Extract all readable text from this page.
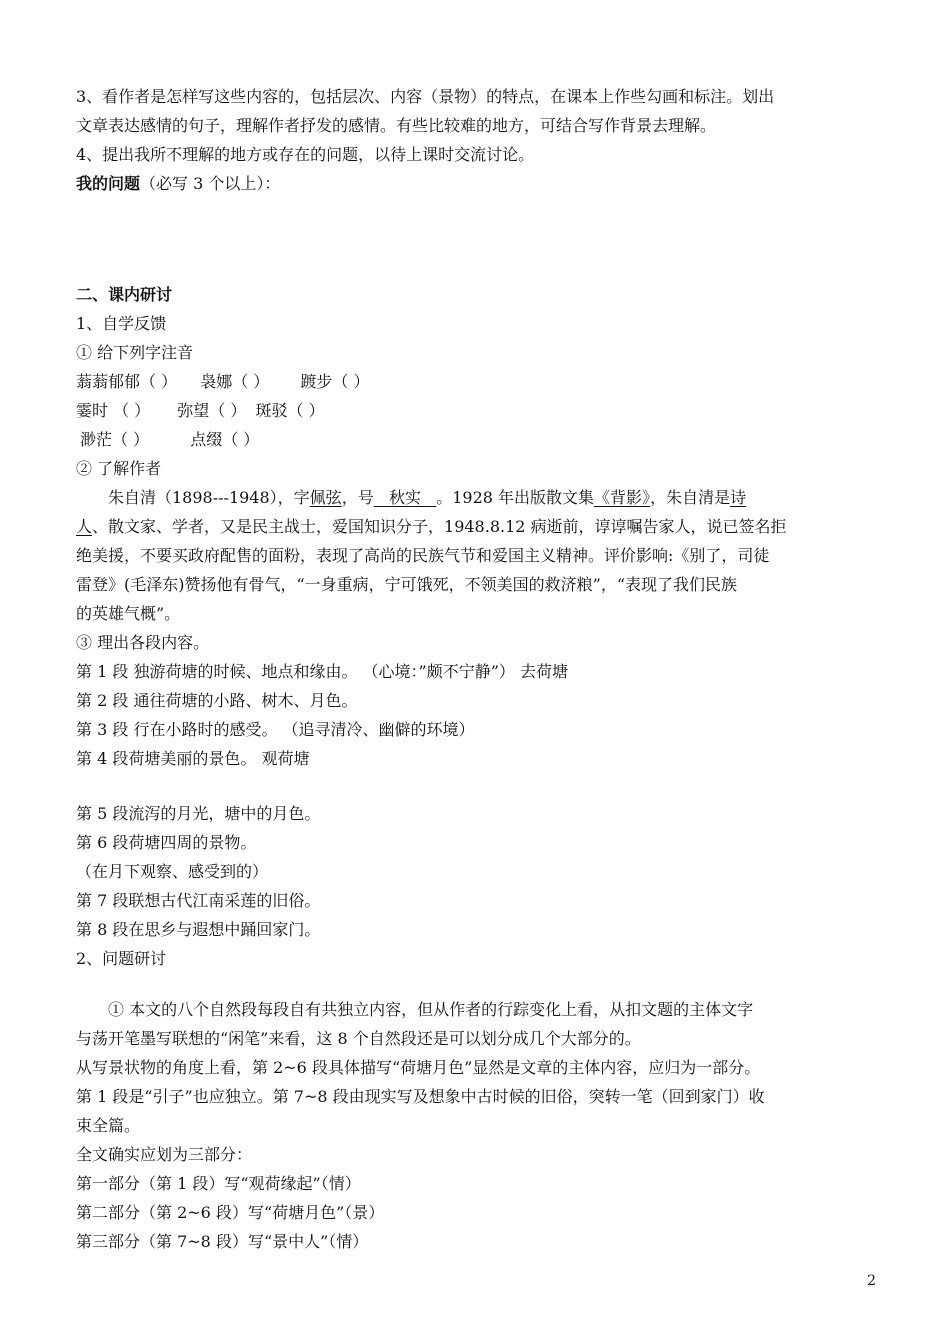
3、看作者是怎样写这些内容的，包括层次、内容（景物）的特点，在课本上作些勾画和标注。划出

文章表达感情的句子，理解作者抒发的感情。有些比较难的地方，可结合写作背景去理解。

4、提出我所不理解的地方或存在的问题，以待上课时交流讨论。

我的问题（必写 3 个以上）：

二、课内研讨

1、自学反馈

① 给下列字注音

蓊蓊郁郁（ ） 袅娜（ ） 踱步（ ）

霎时 （ ） 弥望（ ） 斑驳（ ）

渺茫（ ）	点缀（ ）

② 了解作者

朱自清（1898---1948），字佩弦，号   秋实   。1928 年出版散文集《背影》，朱自清是诗

人、散文家、学者，又是民主战士，爱国知识分子，1948.8.12 病逝前，谆谆嘱告家人，说已签名拒

绝美援，不要买政府配售的面粉，表现了高尚的民族气节和爱国主义精神。评价影响:《别了，司徒

雷登》(毛泽东)赞扬他有骨气，“一身重病，宁可饿死，不领美国的救济粮”，“表现了我们民族

的英雄气概”。

③ 理出各段内容。

第 1 段 独游荷塘的时候、地点和缘由。 （心境：”颇不宁静”） 去荷塘

第 2 段 通往荷塘的小路、树木、月色。

第 3 段 行在小路时的感受。 （追寻清冷、幽僻的环境）

第 4 段荷塘美丽的景色。 观荷塘

第 5 段流泻的月光，塘中的月色。

第 6 段荷塘四周的景物。

（在月下观察、感受到的）

第 7 段联想古代江南采莲的旧俗。

第 8 段在思乡与遐想中踊回家门。

2、问题研讨

① 本文的八个自然段每段自有共独立内容，但从作者的行踪变化上看，从扣文题的主体文字

与荡开笔墨写联想的“闲笔”来看，这 8 个自然段还是可以划分成几个大部分的。

从写景状物的角度上看，第 2~6 段具体描写“荷塘月色”显然是文章的主体内容，应归为一部分。

第 1 段是“引子”也应独立。第 7~8 段由现实写及想象中古时候的旧俗，突转一笔（回到家门）收

束全篇。

全文确实应划为三部分：

第一部分（第 1 段）写“观荷缘起”（情）

第二部分（第 2~6 段）写“荷塘月色”（景）

第三部分（第 7~8 段）写“景中人”（情）

2
